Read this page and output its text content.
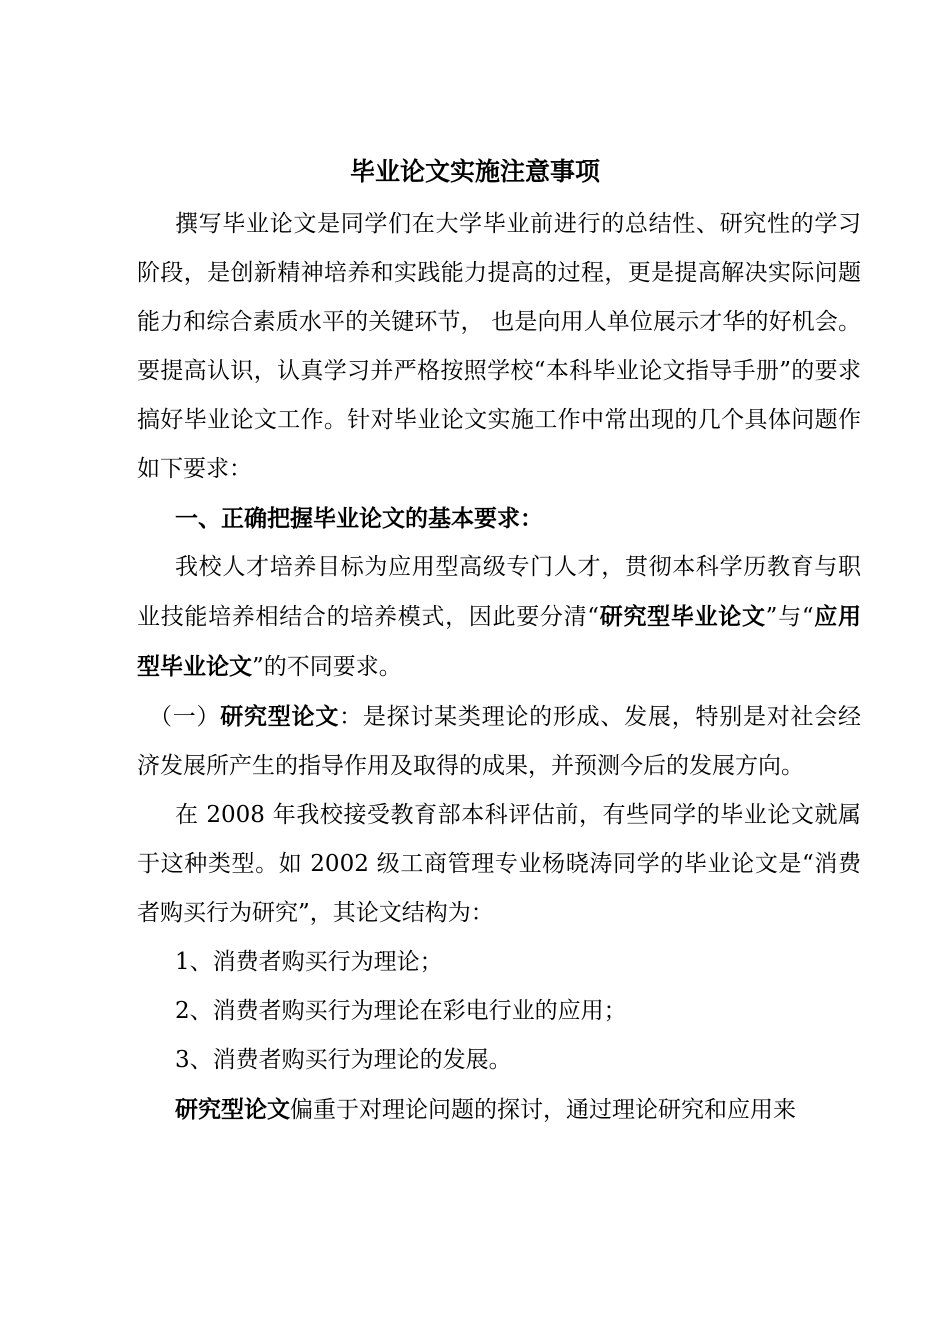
毕业论文实施注意事项

撰写毕业论文是同学们在大学毕业前进行的总结性、研究性的学习阶段，是创新精神培养和实践能力提高的过程，更是提高解决实际问题能力和综合素质水平的关键环节， 也是向用人单位展示才华的好机会。要提高认识，认真学习并严格按照学校“本科毕业论文指导手册”的要求搞好毕业论文工作。针对毕业论文实施工作中常出现的几个具体问题作如下要求：

一、正确把握毕业论文的基本要求：

我校人才培养目标为应用型高级专门人才，贯彻本科学历教育与职业技能培养相结合的培养模式，因此要分清“研究型毕业论文”与“应用型毕业论文”的不同要求。

（一）研究型论文：是探讨某类理论的形成、发展，特别是对社会经济发展所产生的指导作用及取得的成果，并预测今后的发展方向。

在 2008 年我校接受教育部本科评估前，有些同学的毕业论文就属于这种类型。如 2002 级工商管理专业杨晓涛同学的毕业论文是“消费者购买行为研究”，其论文结构为：

1、消费者购买行为理论；

2、消费者购买行为理论在彩电行业的应用；

3、消费者购买行为理论的发展。

研究型论文偏重于对理论问题的探讨，通过理论研究和应用来
